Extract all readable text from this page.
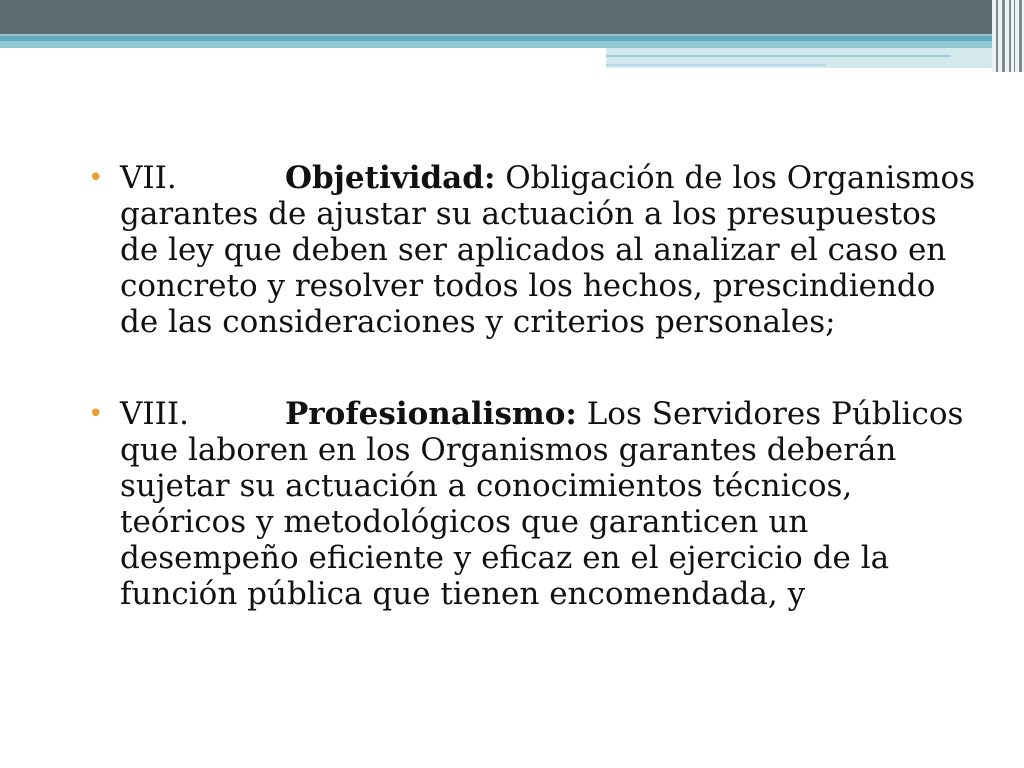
• VII.	Objetividad: Obligación de los Organismos garantes de ajustar su actuación a los presupuestos de ley que deben ser aplicados al analizar el caso en concreto y resolver todos los hechos, prescindiendo de las consideraciones y criterios personales;
• VIII.	Profesionalismo: Los Servidores Públicos que laboren en los Organismos garantes deberán sujetar su actuación a conocimientos técnicos, teóricos y metodológicos que garanticen un desempeño eficiente y eficaz en el ejercicio de la función pública que tienen encomendada, y
